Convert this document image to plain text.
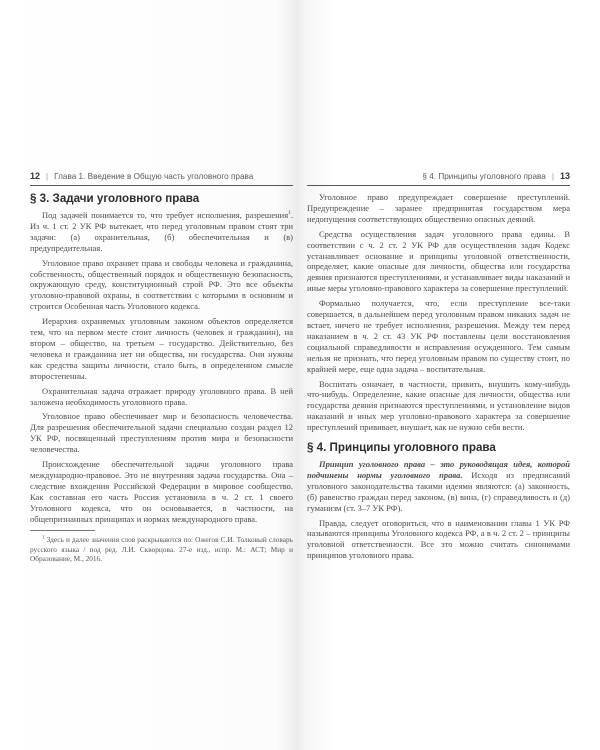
12 | Глава 1. Введение в Общую часть уголовного права	§ 4. Принципы уголовного права | 13
§ 3. Задачи уголовного права

Под задачей понимается то, что требует исполнения, разрешения$^1$. Из ч. 1 ст. 2 УК РФ вытекает, что перед уголовным правом стоят три задачи: (а) охранительная, (б) обеспечительная и (в) предупредительная.

Уголовное право охраняет права и свободы человека и гражданина, собственность, общественный порядок и общественную безопасность, окружающую среду, конституционный строй РФ. Это все объекты уголовно-правовой охраны, в соответствии с которыми в основном и строится Особенная часть Уголовного кодекса.

Иерархия охраняемых уголовным законом объектов определяется тем, что на первом месте стоит личность (человек и гражданин), на втором – общество, на третьем – государство. Действительно, без человека и гражданина нет ни общества, ни государства. Они нужны как средства защиты личности, стало быть, в определенном смысле второстепенны.

Охранительная задача отражает природу уголовного права. В ней заложена необходимость уголовного права.

Уголовное право обеспечивает мир и безопасность человечества. Для разрешения обеспечительной задачи специально создан раздел 12 УК РФ, посвященный преступлениям против мира и безопасности человечества.

Происхождение обеспечительной задачи уголовного права международно-правовое. Это не внутренняя задача государства. Она – следствие вхождения Российской Федерации в мировое сообщество. Как составная его часть Россия установила в ч. 2 ст. 1 своего Уголовного кодекса, что он основывается, в частности, на общепризнанных принципах и нормах международного права.

$^1$ Здесь и далее значения слов раскрываются по: Ожегов С.И. Толковый словарь русского языка / под ред. Л.И. Скворцова. 27-е изд., испр. М.: АСТ; Мир и Образование, М., 2016.

Уголовное право предупреждает совершение преступлений. Предупреждение – заранее предпринятая государством мера недопущения соответствующих общественно опасных деяний.

Средства осуществления задач уголовного права едины. В соответствии с ч. 2 ст. 2 УК РФ для осуществления задач Кодекс устанавливает основание и принципы уголовной ответственности, определяет, какие опасные для личности, общества или государства деяния признаются преступлениями, и устанавливает виды наказаний и иные меры уголовно-правового характера за совершение преступлений.

Формально получается, что, если преступление все-таки совершается, в дальнейшем перед уголовным правом никаких задач не встает, ничего не требует исполнения, разрешения. Между тем перед наказанием в ч. 2 ст. 43 УК РФ поставлены цели восстановления социальной справедливости и исправления осужденного. Тем самым нельзя не признать, что перед уголовным правом по существу стоит, по крайней мере, еще одна задача – воспитательная.

Воспитать означает, в частности, привить, внушить кому-нибудь что-нибудь. Определение, какие опасные для личности, общества или государства деяния признаются преступлениями, и установление видов наказаний и иных мер уголовно-правового характера за совершение преступлений прививает, внушает, как не нужно себя вести.

§ 4. Принципы уголовного права

Принцип уголовного права – это руководящая идея, которой подчинены нормы уголовного права. Исходя из предписаний уголовного законодательства такими идеями являются: (а) законность, (б) равенство граждан перед законом, (в) вина, (г) справедливость и (д) гуманизм (ст. 3–7 УК РФ).

Правда, следует оговориться, что в наименовании главы 1 УК РФ называются принципы Уголовного кодекса РФ, а в ч. 2 ст. 2 – принципы уголовной ответственности. Все это можно считать синонимами принципов уголовного права.
